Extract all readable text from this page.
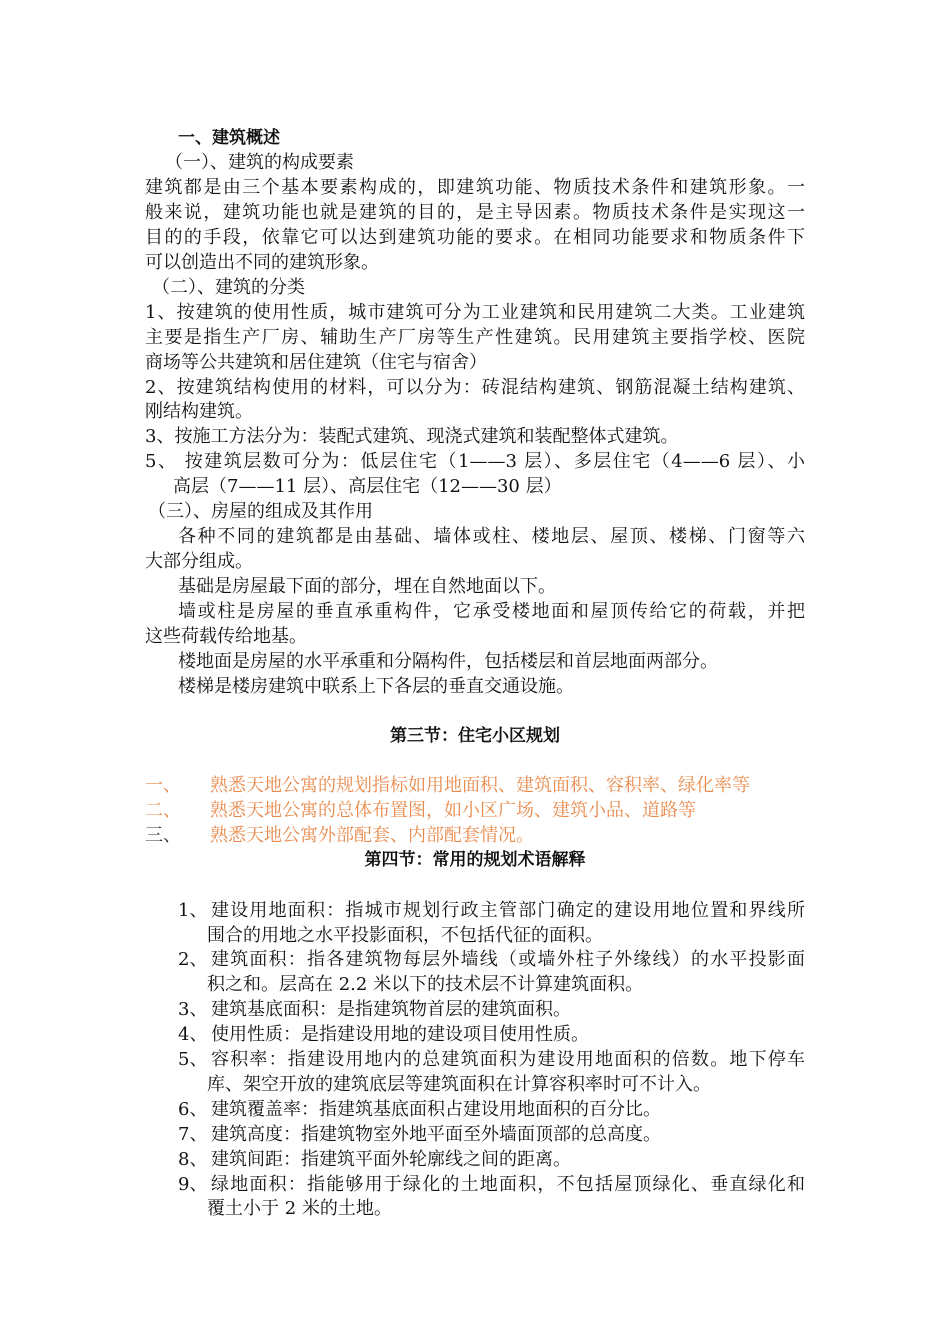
一、建筑概述
（一）、建筑的构成要素
建筑都是由三个基本要素构成的，即建筑功能、物质技术条件和建筑形象。一
般来说，建筑功能也就是建筑的目的，是主导因素。物质技术条件是实现这一
目的的手段，依靠它可以达到建筑功能的要求。在相同功能要求和物质条件下
可以创造出不同的建筑形象。
（二）、建筑的分类
1、按建筑的使用性质，城市建筑可分为工业建筑和民用建筑二大类。工业建筑
主要是指生产厂房、辅助生产厂房等生产性建筑。民用建筑主要指学校、医院
商场等公共建筑和居住建筑（住宅与宿舍）
2、按建筑结构使用的材料，可以分为：砖混结构建筑、钢筋混凝土结构建筑、
刚结构建筑。
3、按施工方法分为：装配式建筑、现浇式建筑和装配整体式建筑。
5、 按建筑层数可分为：低层住宅（1——3 层）、多层住宅（4——6 层）、小
高层（7——11 层）、高层住宅（12——30 层）
（三）、房屋的组成及其作用
各种不同的建筑都是由基础、墙体或柱、楼地层、屋顶、楼梯、门窗等六
大部分组成。
基础是房屋最下面的部分，埋在自然地面以下。
墙或柱是房屋的垂直承重构件，它承受楼地面和屋顶传给它的荷载，并把
这些荷载传给地基。
楼地面是房屋的水平承重和分隔构件，包括楼层和首层地面两部分。
楼梯是楼房建筑中联系上下各层的垂直交通设施。
第三节：住宅小区规划
一、 熟悉天地公寓的规划指标如用地面积、建筑面积、容积率、绿化率等
二、 熟悉天地公寓的总体布置图，如小区广场、建筑小品、道路等
三、 熟悉天地公寓外部配套、内部配套情况。
第四节：常用的规划术语解释
1、 建设用地面积：指城市规划行政主管部门确定的建设用地位置和界线所
围合的用地之水平投影面积，不包括代征的面积。
2、 建筑面积：指各建筑物每层外墙线（或墙外柱子外缘线）的水平投影面
积之和。层高在 2.2 米以下的技术层不计算建筑面积。
3、 建筑基底面积：是指建筑物首层的建筑面积。
4、 使用性质：是指建设用地的建设项目使用性质。
5、 容积率：指建设用地内的总建筑面积为建设用地面积的倍数。地下停车
库、架空开放的建筑底层等建筑面积在计算容积率时可不计入。
6、 建筑覆盖率：指建筑基底面积占建设用地面积的百分比。
7、 建筑高度：指建筑物室外地平面至外墙面顶部的总高度。
8、 建筑间距：指建筑平面外轮廓线之间的距离。
9、 绿地面积：指能够用于绿化的土地面积，不包括屋顶绿化、垂直绿化和
覆土小于 2 米的土地。
